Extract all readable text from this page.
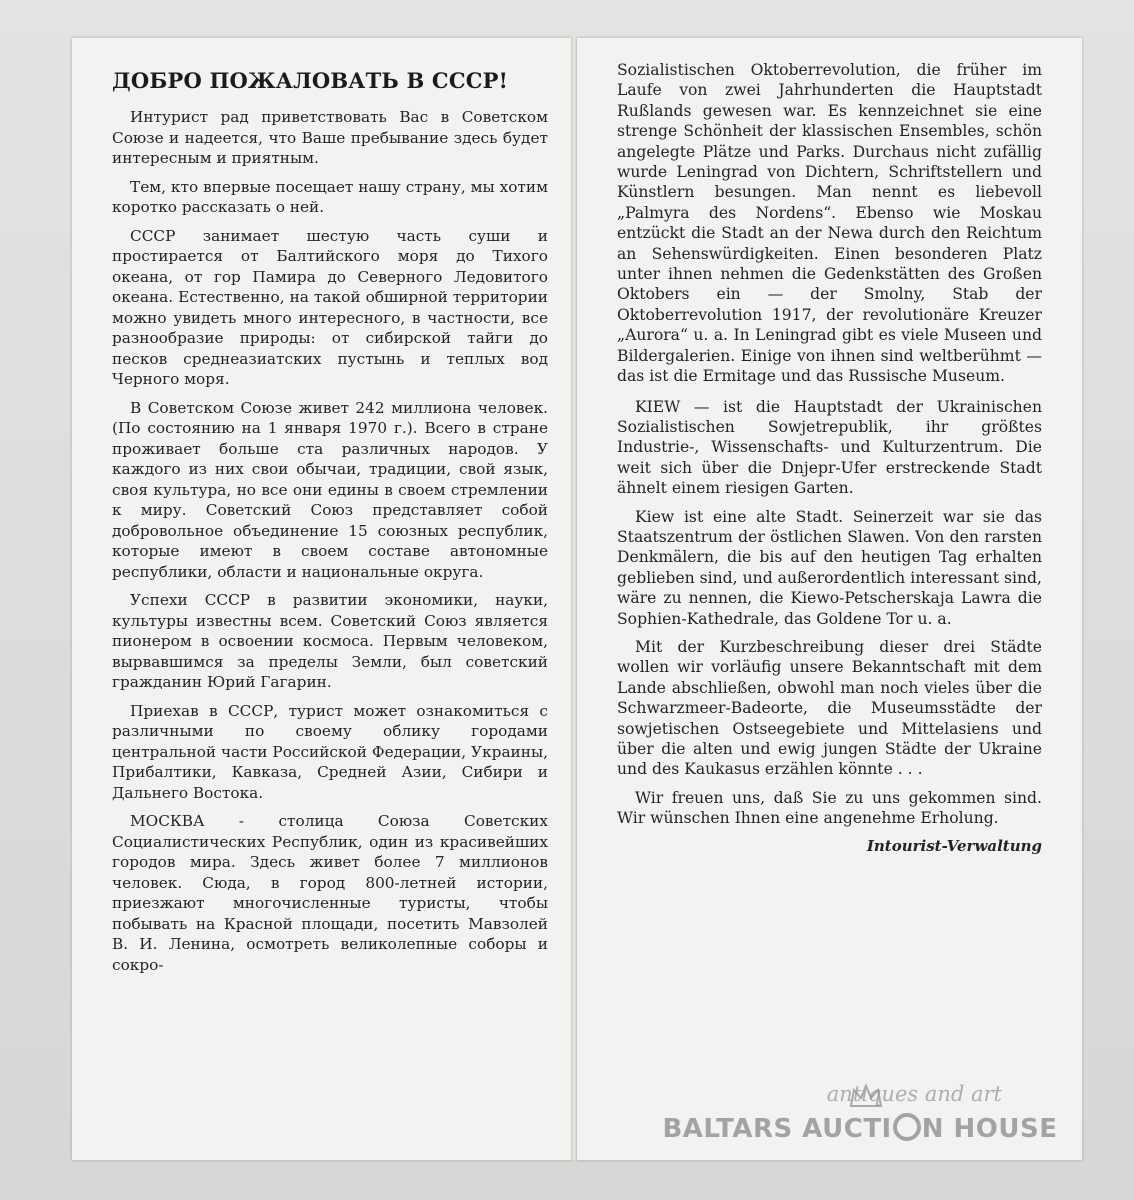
ДОБРО ПОЖАЛОВАТЬ В СССР!

Интурист рад приветствовать Вас в Советском Союзе и надеется, что Ваше пребывание здесь будет интересным и приятным.

Тем, кто впервые посещает нашу страну, мы хотим коротко рассказать о ней.

СССР занимает шестую часть суши и простирается от Балтийского моря до Тихого океана, от гор Памира до Северного Ледовитого океана. Естественно, на такой обширной территории можно увидеть много интересного, в частности, все разнообразие природы: от сибирской тайги до песков среднеазиатских пустынь и теплых вод Черного моря.

В Советском Союзе живет 242 миллиона человек. (По состоянию на 1 января 1970 г.). Всего в стране проживает больше ста различных народов. У каждого из них свои обычаи, традиции, свой язык, своя культура, но все они едины в своем стремлении к миру. Советский Союз представляет собой добровольное объединение 15 союзных республик, которые имеют в своем составе автономные республики, области и национальные округа.

Успехи СССР в развитии экономики, науки, культуры известны всем. Советский Союз является пионером в освоении космоса. Первым человеком, вырвавшимся за пределы Земли, был советский гражданин Юрий Гагарин.

Приехав в СССР, турист может ознакомиться с различными по своему облику городами центральной части Российской Федерации, Украины, Прибалтики, Кавказа, Средней Азии, Сибири и Дальнего Востока.

МОСКВА - столица Союза Советских Социалистических Республик, один из красивейших городов мира. Здесь живет более 7 миллионов человек. Сюда, в город 800-летней истории, приезжают многочисленные туристы, чтобы побывать на Красной площади, посетить Мавзолей В. И. Ленина, осмотреть великолепные соборы и сокро-

Sozialistischen Oktoberrevolution, die früher im Laufe von zwei Jahrhunderten die Hauptstadt Rußlands gewesen war. Es kennzeichnet sie eine strenge Schönheit der klassischen Ensembles, schön angelegte Plätze und Parks. Durchaus nicht zufällig wurde Leningrad von Dichtern, Schriftstellern und Künstlern besungen. Man nennt es liebevoll „Palmyra des Nordens“. Ebenso wie Moskau entzückt die Stadt an der Newa durch den Reichtum an Sehenswürdigkeiten. Einen besonderen Platz unter ihnen nehmen die Gedenkstätten des Großen Oktobers ein — der Smolny, Stab der Oktoberrevolution 1917, der revolutionäre Kreuzer „Aurora“ u. a. In Leningrad gibt es viele Museen und Bildergalerien. Einige von ihnen sind weltberühmt — das ist die Ermitage und das Russische Museum.

KIEW — ist die Hauptstadt der Ukrainischen Sozialistischen Sowjetrepublik, ihr größtes Industrie-, Wissenschafts- und Kulturzentrum. Die weit sich über die Dnjepr-Ufer erstreckende Stadt ähnelt einem riesigen Garten.

Kiew ist eine alte Stadt. Seinerzeit war sie das Staatszentrum der östlichen Slawen. Von den rarsten Denkmälern, die bis auf den heutigen Tag erhalten geblieben sind, und außerordentlich interessant sind, wäre zu nennen, die Kiewo-Petscherskaja Lawra die Sophien-Kathedrale, das Goldene Tor u. a.

Mit der Kurzbeschreibung dieser drei Städte wollen wir vorläufig unsere Bekanntschaft mit dem Lande abschließen, obwohl man noch vieles über die Schwarzmeer-Badeorte, die Museumsstädte der sowjetischen Ostseegebiete und Mittelasiens und über die alten und ewig jungen Städte der Ukraine und des Kaukasus erzählen könnte . . .

Wir freuen uns, daß Sie zu uns gekommen sind. Wir wünschen Ihnen eine angenehme Erholung.

Intourist-Verwaltung

antiques and art
BALTARS AUCTI N HOUSE
